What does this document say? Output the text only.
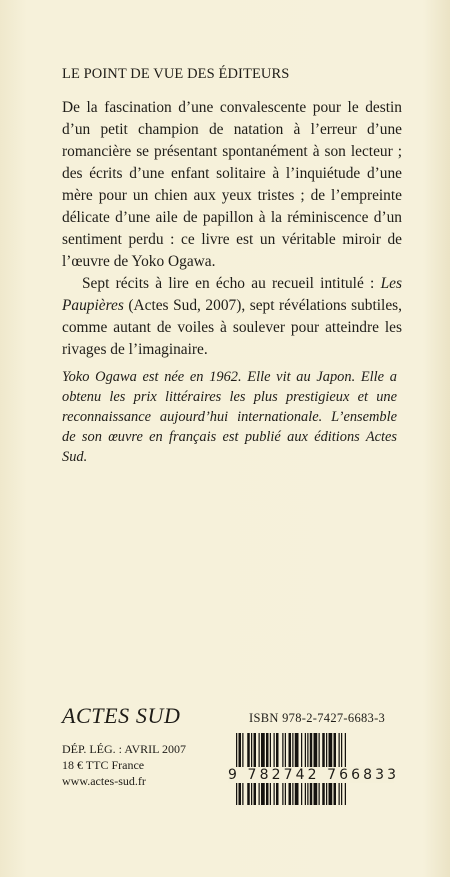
LE POINT DE VUE DES ÉDITEURS

De la fascination d’une convalescente pour le destin d’un petit champion de natation à l’erreur d’une romancière se présentant spontanément à son lecteur ; des écrits d’une enfant solitaire à l’inquiétude d’une mère pour un chien aux yeux tristes ; de l’empreinte délicate d’une aile de papillon à la réminiscence d’un sentiment perdu : ce livre est un véritable miroir de l’œuvre de Yoko Ogawa.

Sept récits à lire en écho au recueil intitulé : Les Paupières (Actes Sud, 2007), sept révélations subtiles, comme autant de voiles à soulever pour atteindre les rivages de l’imaginaire.

Yoko Ogawa est née en 1962. Elle vit au Japon. Elle a obtenu les prix littéraires les plus prestigieux et une reconnaissance aujourd’hui internationale. L’ensemble de son œuvre en français est publié aux éditions Actes Sud.
ACTES SUD
DÉP. LÉG. : AVRIL 2007
18 € TTC France
www.actes-sud.fr
ISBN 978-2-7427-6683-3
9 782742 766833
